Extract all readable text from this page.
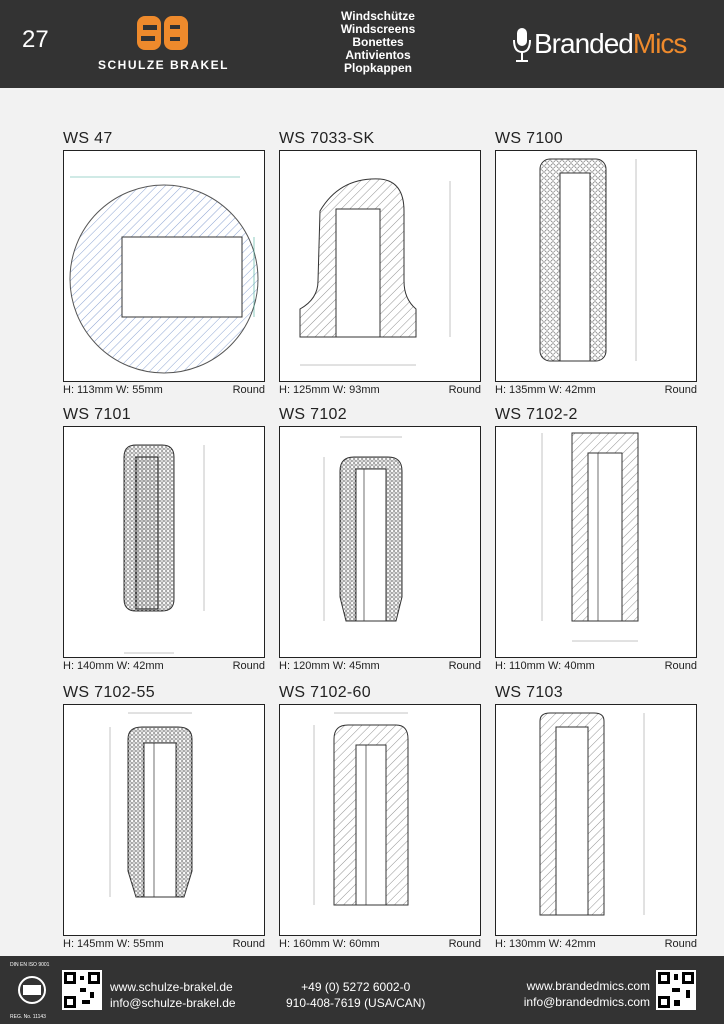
27
SCHULZE BRAKEL
Windschütze
Windscreens
Bonettes
Antivientos
Plopkappen
BrandedMics
WS 47
H: 113mm W: 55mm	Round
WS 7033-SK
H: 125mm W: 93mm	Round
WS 7100
H: 135mm W: 42mm	Round
WS 7101
H: 140mm W: 42mm	Round
WS 7102
H: 120mm W: 45mm	Round
WS 7102-2
H: 110mm W: 40mm	Round
WS 7102-55
H: 145mm W: 55mm	Round
WS 7102-60
H: 160mm W: 60mm	Round
WS 7103
H: 130mm W: 42mm	Round
DIN EN ISO 9001
REG. No. 11143
www.schulze-brakel.de
info@schulze-brakel.de
+49 (0) 5272 6002-0
910-408-7619 (USA/CAN)
www.brandedmics.com
info@brandedmics.com
